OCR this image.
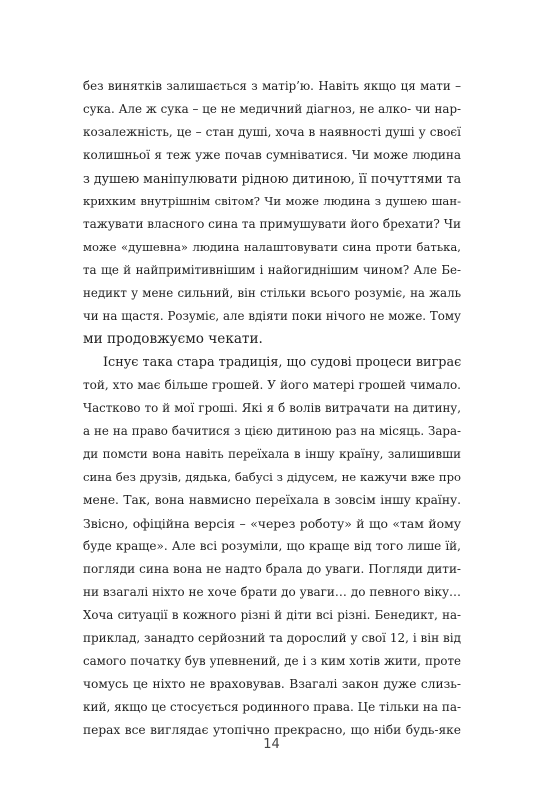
без винятків залишається з матір’ю. Навіть якщо ця мати –
сука. Але ж сука – це не медичний діагноз, не алко- чи нар-
козалежність, це – стан душі, хоча в наявності душі у своєї
колишньої я теж уже почав сумніватися. Чи може людина
з душею маніпулювати рідною дитиною, її почуттями та
крихким внутрішнім світом? Чи може людина з душею шан-
тажувати власного сина та примушувати його брехати? Чи
може «душевна» людина налаштовувати сина проти батька,
та ще й найпримітивнішим і найогиднішим чином? Але Бе-
недикт у мене сильний, він стільки всього розуміє, на жаль
чи на щастя. Розуміє, але вдіяти поки нічого не може. Тому
ми продовжуємо чекати.
Існує така стара традиція, що судові процеси виграє
той, хто має більше грошей. У його матері грошей чимало.
Частково то й мої гроші. Які я б волів витрачати на дитину,
а не на право бачитися з цією дитиною раз на місяць. Зара-
ди помсти вона навіть переїхала в іншу країну, залишивши
сина без друзів, дядька, бабусі з дідусем, не кажучи вже про
мене. Так, вона навмисно переїхала в зовсім іншу країну.
Звісно, офіційна версія – «через роботу» й що «там йому
буде краще». Але всі розуміли, що краще від того лише їй,
погляди сина вона не надто брала до уваги. Погляди дити-
ни взагалі ніхто не хоче брати до уваги… до певного віку…
Хоча ситуації в кожного різні й діти всі різні. Бенедикт, на-
приклад, занадто серйозний та дорослий у свої 12, і він від
самого початку був упевнений, де і з ким хотів жити, проте
чомусь це ніхто не враховував. Взагалі закон дуже слизь-
кий, якщо це стосується родинного права. Це тільки на па-
перах все виглядає утопічно прекрасно, що ніби будь-яке
14
